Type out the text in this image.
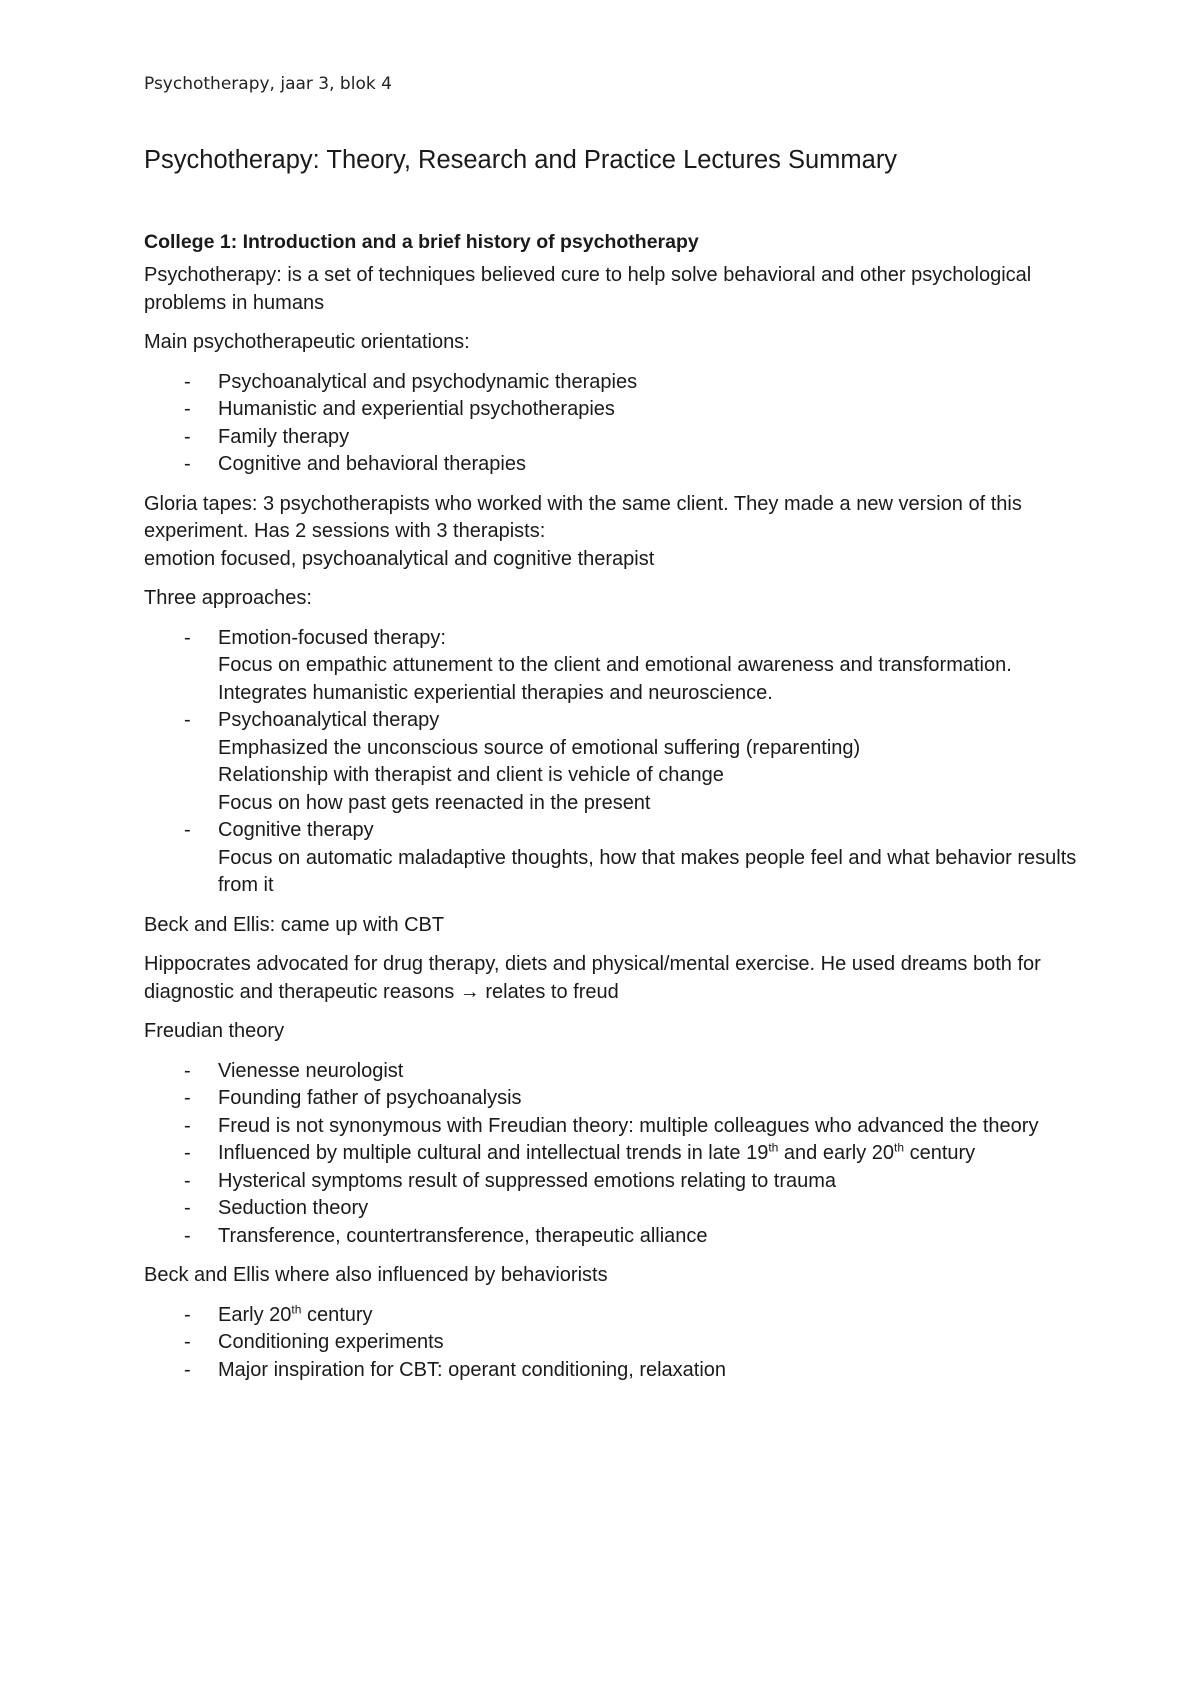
Psychotherapy, jaar 3, blok 4
Psychotherapy: Theory, Research and Practice Lectures Summary
College 1: Introduction and a brief history of psychotherapy

Psychotherapy: is a set of techniques believed cure to help solve behavioral and other psychological problems in humans

Main psychotherapeutic orientations:

- Psychoanalytical and psychodynamic therapies
- Humanistic and experiential psychotherapies
- Family therapy
- Cognitive and behavioral therapies

Gloria tapes: 3 psychotherapists who worked with the same client. They made a new version of this experiment. Has 2 sessions with 3 therapists:
emotion focused, psychoanalytical and cognitive therapist

Three approaches:

- Emotion-focused therapy:
Focus on empathic attunement to the client and emotional awareness and transformation. Integrates humanistic experiential therapies and neuroscience.
- Psychoanalytical therapy
Emphasized the unconscious source of emotional suffering (reparenting)
Relationship with therapist and client is vehicle of change
Focus on how past gets reenacted in the present
- Cognitive therapy
Focus on automatic maladaptive thoughts, how that makes people feel and what behavior results from it

Beck and Ellis: came up with CBT

Hippocrates advocated for drug therapy, diets and physical/mental exercise. He used dreams both for diagnostic and therapeutic reasons → relates to freud

Freudian theory

- Vienesse neurologist
- Founding father of psychoanalysis
- Freud is not synonymous with Freudian theory: multiple colleagues who advanced the theory
- Influenced by multiple cultural and intellectual trends in late 19th and early 20th century
- Hysterical symptoms result of suppressed emotions relating to trauma
- Seduction theory
- Transference, countertransference, therapeutic alliance

Beck and Ellis where also influenced by behaviorists

- Early 20th century
- Conditioning experiments
- Major inspiration for CBT: operant conditioning, relaxation
